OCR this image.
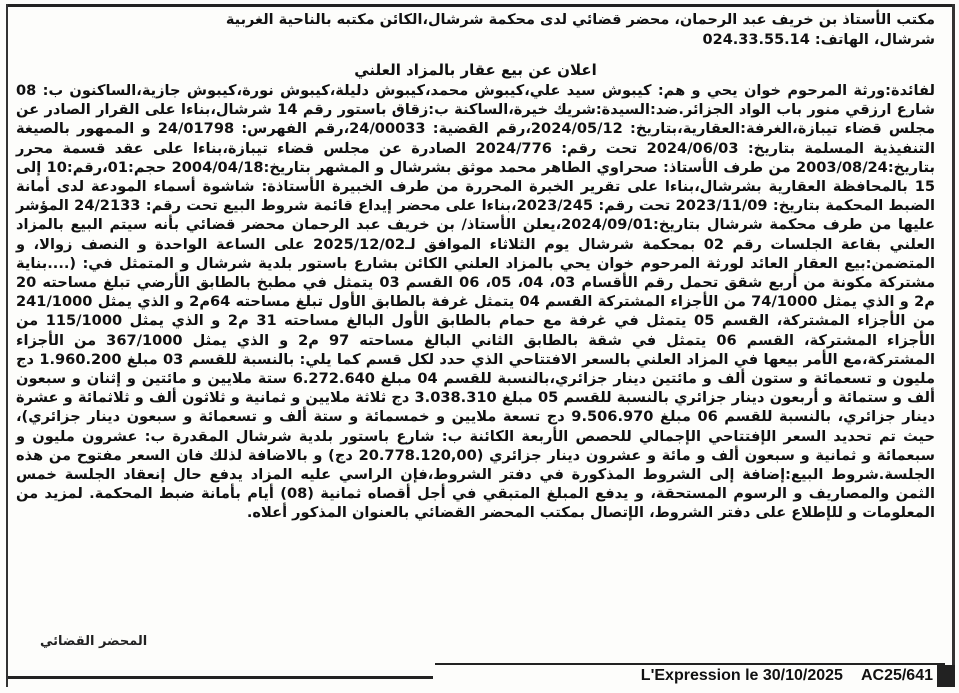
مكتب الأستاذ بن خريف عبد الرحمان، محضر قضائي لدى محكمة شرشال،الكائن مكتبه بالناحية الغربية
شرشال، الهاتف: 024.33.55.14
اعلان عن بيع عقار بالمزاد العلني
لفائدة:ورثة المرحوم خوان يحي و هم: كيبوش سيد علي،كيبوش محمد،كيبوش دليلة،كيبوش نورة،كيبوش جازية،الساكنون ب: 08 شارع ارزقي منور باب الواد الجزائر.ضد:السيدة:شريك خيرة،الساكنة ب:زقاق باستور رقم 14 شرشال،بناءا على القرار الصادر عن مجلس قضاء تيبازة،الغرفة:العقارية،بتاريخ: 2024/05/12،رقم القضية: 24/00033،رقم الفهرس: 24/01798 و الممهور بالصيغة التنفيذية المسلمة بتاريخ: 2024/06/03 تحت رقم: 2024/776 الصادرة عن مجلس قضاء تيبازة،بناءا على عقد قسمة محرر بتاريخ:2003/08/24 من طرف الأستاذ: صحراوي الطاهر محمد موثق بشرشال و المشهر بتاريخ:2004/04/18 حجم:01،رقم:10 إلى 15 بالمحافظة العقارية بشرشال،بناءا على تقرير الخبرة المحررة من طرف الخبيرة الأستاذة: شاشوة أسماء المودعة لدى أمانة الضبط المحكمة بتاريخ: 2023/11/09 تحت رقم: 2023/245،بناءا على محضر إيداع قائمة شروط البيع تحت رقم: 24/2133 المؤشر عليها من طرف محكمة شرشال بتاريخ:2024/09/01،يعلن الأستاذ/ بن خريف عبد الرحمان محضر قضائي بأنه سيتم البيع بالمزاد العلني بقاعة الجلسات رقم 02 بمحكمة شرشال يوم الثلاثاء الموافق لـ2025/12/02 على الساعة الواحدة و النصف زوالا، و المتضمن:بيع العقار العائد لورثة المرحوم خوان يحي بالمزاد العلني الكائن بشارع باستور بلدية شرشال و المتمثل في: (....بناية مشتركة مكونة من أربع شقق تحمل رقم الأقسام 03، 04، 05، 06 القسم 03 يتمثل في مطبخ بالطابق الأرضي تبلغ مساحته 20 م2 و الذي يمثل 74/1000 من الأجزاء المشتركة القسم 04 يتمثل غرفة بالطابق الأول تبلغ مساحته 64م2 و الذي يمثل 241/1000 من الأجزاء المشتركة، القسم 05 يتمثل في غرفة مع حمام بالطابق الأول البالغ مساحته 31 م2 و الذي يمثل 115/1000 من الأجزاء المشتركة، القسم 06 يتمثل في شقة بالطابق الثاني البالغ مساحته 97 م2 و الذي يمثل 367/1000 من الأجزاء المشتركة،مع الأمر بيعها في المزاد العلني بالسعر الافتتاحي الذي حدد لكل قسم كما يلي: بالنسبة للقسم 03 مبلغ 1.960.200 دج مليون و تسعمائة و ستون ألف و مائتين دينار جزائري،بالنسبة للقسم 04 مبلغ 6.272.640 ستة ملايين و مائتين و إثنان و سبعون ألف و ستمائة و أربعون دينار جزائري بالنسبة للقسم 05 مبلغ 3.038.310 دج ثلاثة ملايين و ثمانية و ثلاثون ألف و ثلاثمائة و عشرة دينار جزائري، بالنسبة للقسم 06 مبلغ 9.506.970 دج تسعة ملايين و خمسمائة و ستة ألف و تسعمائة و سبعون دينار جزائري)، حيث تم تحديد السعر الإفتتاحي الإجمالي للحصص الأربعة الكائنة ب: شارع باستور بلدية شرشال المقدرة ب: عشرون مليون و سبعمائة و ثمانية و سبعون ألف و مائة و عشرون دينار جزائري (20.778.120,00 دج) و بالاضافة لذلك فان السعر مفتوح من هذه الجلسة.شروط البيع:إضافة إلى الشروط المذكورة في دفتر الشروط،فإن الراسي عليه المزاد يدفع حال إنعقاد الجلسة خمس الثمن والمصاريف و الرسوم المستحقة، و يدفع المبلغ المتبقي في أجل أقصاه ثمانية (08) أيام بأمانة ضبط المحكمة. لمزيد من المعلومات و للإطلاع على دفتر الشروط، الإتصال بمكتب المحضر القضائي بالعنوان المذكور أعلاه.
المحضر القضائي
L'Expression le 30/10/2025 AC25/641
